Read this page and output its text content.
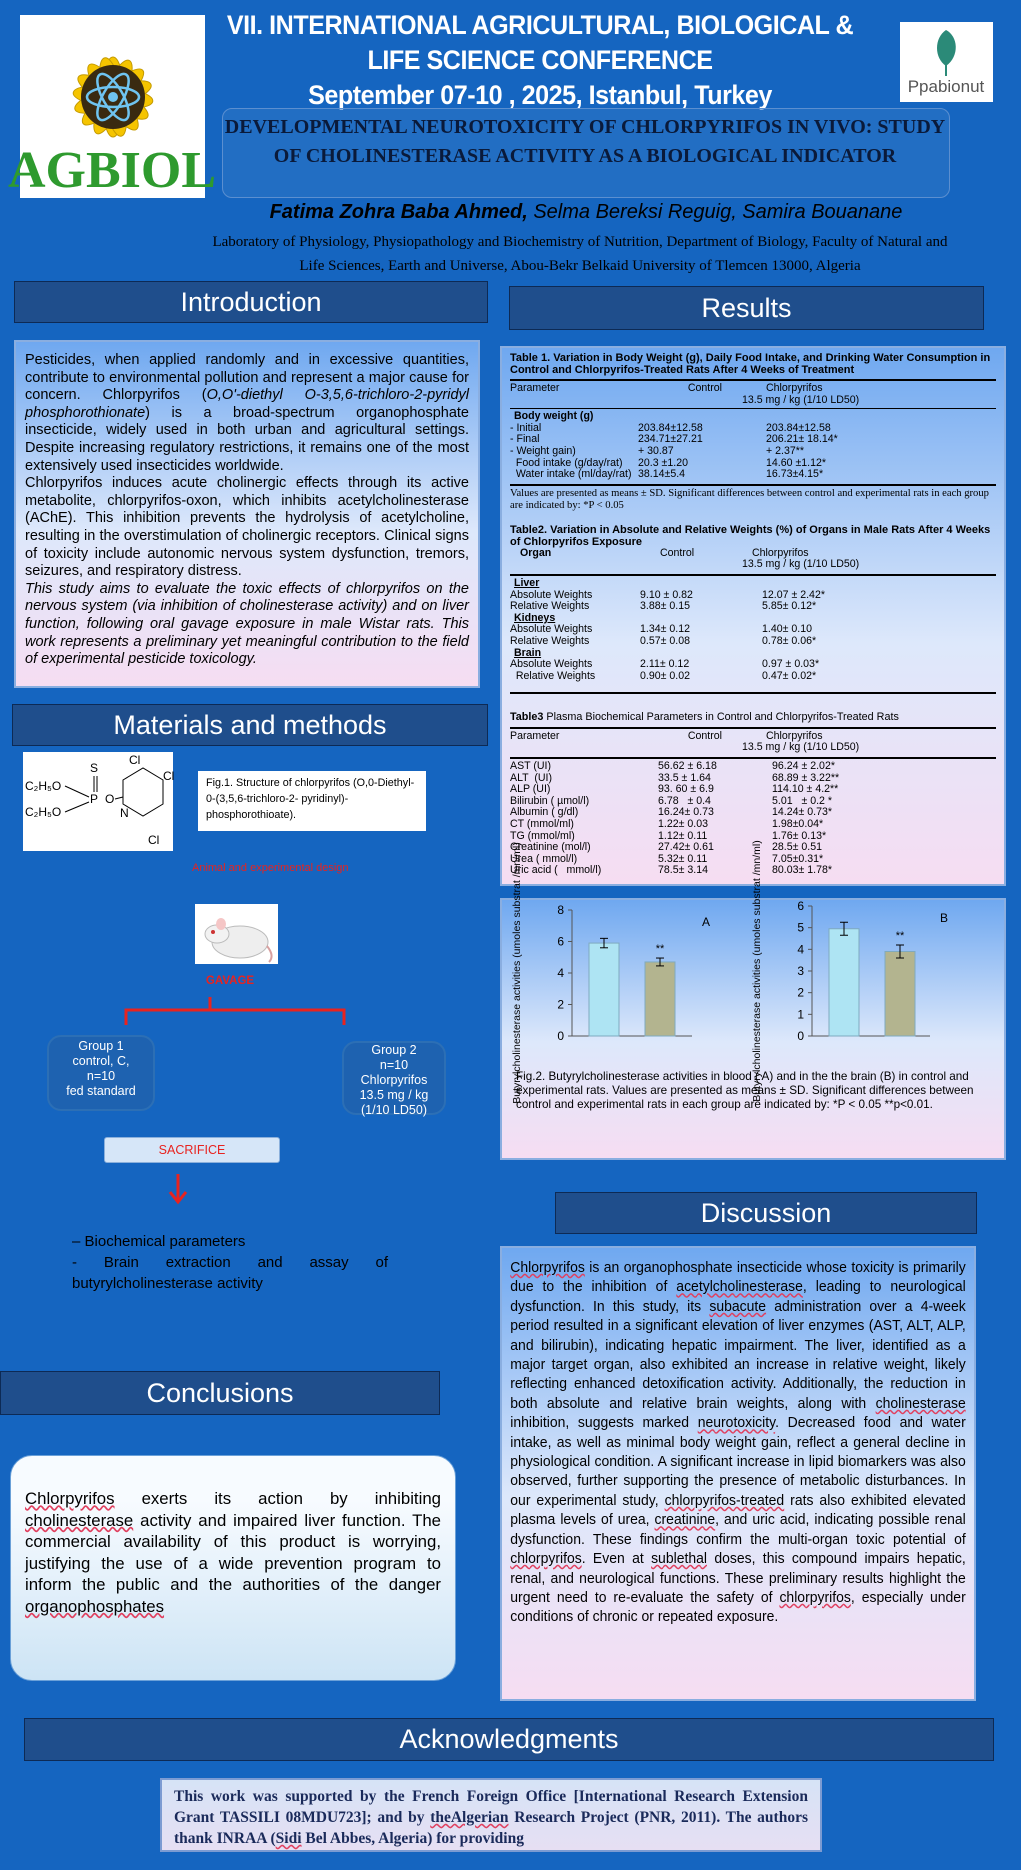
AGBIOL
Ppabionut
VII. INTERNATIONAL AGRICULTURAL, BIOLOGICAL &
LIFE SCIENCE CONFERENCE
September 07-10 , 2025, Istanbul, Turkey
DEVELOPMENTAL NEUROTOXICITY OF CHLORPYRIFOS IN VIVO: STUDY OF CHOLINESTERASE ACTIVITY AS A BIOLOGICAL INDICATOR
Fatima Zohra Baba Ahmed, Selma Bereksi Reguig, Samira Bouanane
Laboratory of Physiology, Physiopathology and Biochemistry of Nutrition, Department of Biology, Faculty of Natural and Life Sciences, Earth and Universe, Abou-Bekr Belkaid University of Tlemcen 13000, Algeria
Introduction

Pesticides, when applied randomly and in excessive quantities, contribute to environmental pollution and represent a major cause for concern. Chlorpyrifos (O,O'-diethyl O-3,5,6-trichloro-2-pyridyl phosphorothionate) is a broad-spectrum organophosphate insecticide, widely used in both urban and agricultural settings. Despite increasing regulatory restrictions, it remains one of the most extensively used insecticides worldwide.

Chlorpyrifos induces acute cholinergic effects through its active metabolite, chlorpyrifos-oxon, which inhibits acetylcholinesterase (AChE). This inhibition prevents the hydrolysis of acetylcholine, resulting in the overstimulation of cholinergic receptors. Clinical signs of toxicity include autonomic nervous system dysfunction, tremors, seizures, and respiratory distress.

This study aims to evaluate the toxic effects of chlorpyrifos on the nervous system (via inhibition of cholinesterase activity) and on liver function, following oral gavage exposure in male Wistar rats. This work represents a preliminary yet meaningful contribution to the field of experimental pesticide toxicology.

Materials and methods
C₂H₅O
C₂H₅O
P
S
O
N
Cl
Cl
Cl
Fig.1. Structure of chlorpyrifos (O,0-Diethyl-0-(3,5,6-trichloro-2- pyridinyl)-phosphorothioate).
Animal and experimental design
GAVAGE
Group 1
control, C,
n=10
fed standard
Group 2
n=10
Chlorpyrifos
13.5 mg / kg
(1/10 LD50)
SACRIFICE
– Biochemical parameters
- Brain extraction and assay of butyrylcholinesterase activity
Conclusions
Chlorpyrifos exerts its action by inhibiting cholinesterase activity and impaired liver function. The commercial availability of this product is worrying, justifying the use of a wide prevention program to inform the public and the authorities of the danger organophosphates
Results
Table 1. Variation in Body Weight (g), Daily Food Intake, and Drinking Water Consumption in Control and Chlorpyrifos-Treated Rats After 4 Weeks of Treatment
Parameter	Control	Chlorpyrifos
13.5 mg / kg (1/10 LD50)
Body weight (g)
- Initial	203.84±12.58	203.84±12.58
- Final	234.71±27.21	206.21± 18.14*
- Weight gain)	+ 30.87	+ 2.37**
Food intake (g/day/rat)	20.3 ±1.20	14.60 ±1.12*
Water intake (ml/day/rat) 38.14±5.4	16.73±4.15*
Values are presented as means ± SD. Significant differences between control and experimental rats in each group are indicated by: *P < 0.05
Table2. Variation in Absolute and Relative Weights (%) of Organs in Male Rats After 4 Weeks of Chlorpyrifos Exposure
Organ	Control	Chlorpyrifos
13.5 mg / kg (1/10 LD50)
Liver
Absolute Weights	9.10 ± 0.82	12.07 ± 2.42*
Relative Weights	3.88± 0.15	5.85± 0.12*
Kidneys
Absolute Weights	1.34± 0.12	1.40± 0.10
Relative Weights	0.57± 0.08	0.78± 0.06*
Brain
Absolute Weights	2.11± 0.12	0.97 ± 0.03*
Relative Weights	0.90± 0.02	0.47± 0.02*
Table3 Plasma Biochemical Parameters in Control and Chlorpyrifos-Treated Rats
Parameter	Control	Chlorpyrifos
13.5 mg / kg (1/10 LD50)
AST (UI)	56.62 ± 6.18	96.24 ± 2.02*
ALT  (UI)	33.5 ± 1.64	68.89 ± 3.22**
ALP (UI)	93. 60 ± 6.9	114.10 ± 4.2**
Bilirubin ( µmol/l)	6.78   ± 0.4	5.01   ± 0.2 *
Albumin ( g/dl)	16.24± 0.73	14.24± 0.73*
CT (mmol/ml)	1.22± 0.03	1.98±0.04*
TG (mmol/ml)	1.12± 0.11	1.76± 0.13*
Creatinine (mol/l)	27.42± 0.61	28.5± 0.51
Urea ( mmol/l)	5.32± 0.11	7.05±0.31*
Uric acid (   mmol/l)	78.5± 3.14	80.03± 1.78*
8
6
4
2
0
Butyrylcholinesterase activities (umoles substrat /mn/ml)	**
A
6
5
4
3
2
1
0
Butyrylcholinesterase activities (umoles substrat /mn/ml)	**
B
Fig.2. Butyrylcholinesterase activities in blood ( A) and in the the brain (B) in control and experimental rats. Values are presented as means ± SD. Significant differences between control and experimental rats in each group are indicated by: *P < 0.05 **p<0.01.
Discussion
Chlorpyrifos is an organophosphate insecticide whose toxicity is primarily due to the inhibition of acetylcholinesterase, leading to neurological dysfunction. In this study, its subacute administration over a 4-week period resulted in a significant elevation of liver enzymes (AST, ALT, ALP, and bilirubin), indicating hepatic impairment. The liver, identified as a major target organ, also exhibited an increase in relative weight, likely reflecting enhanced detoxification activity. Additionally, the reduction in both absolute and relative brain weights, along with cholinesterase inhibition, suggests marked neurotoxicity. Decreased food and water intake, as well as minimal body weight gain, reflect a general decline in physiological condition. A significant increase in lipid biomarkers was also observed, further supporting the presence of metabolic disturbances. In our experimental study, chlorpyrifos-treated rats also exhibited elevated plasma levels of urea, creatinine, and uric acid, indicating possible renal dysfunction. These findings confirm the multi-organ toxic potential of chlorpyrifos. Even at sublethal doses, this compound impairs hepatic, renal, and neurological functions. These preliminary results highlight the urgent need to re-evaluate the safety of chlorpyrifos, especially under conditions of chronic or repeated exposure.
Acknowledgments
This work was supported by the French Foreign Office [International Research Extension Grant TASSILI 08MDU723]; and by theAlgerian Research Project (PNR, 2011). The authors thank INRAA (Sidi Bel Abbes, Algeria) for providing
